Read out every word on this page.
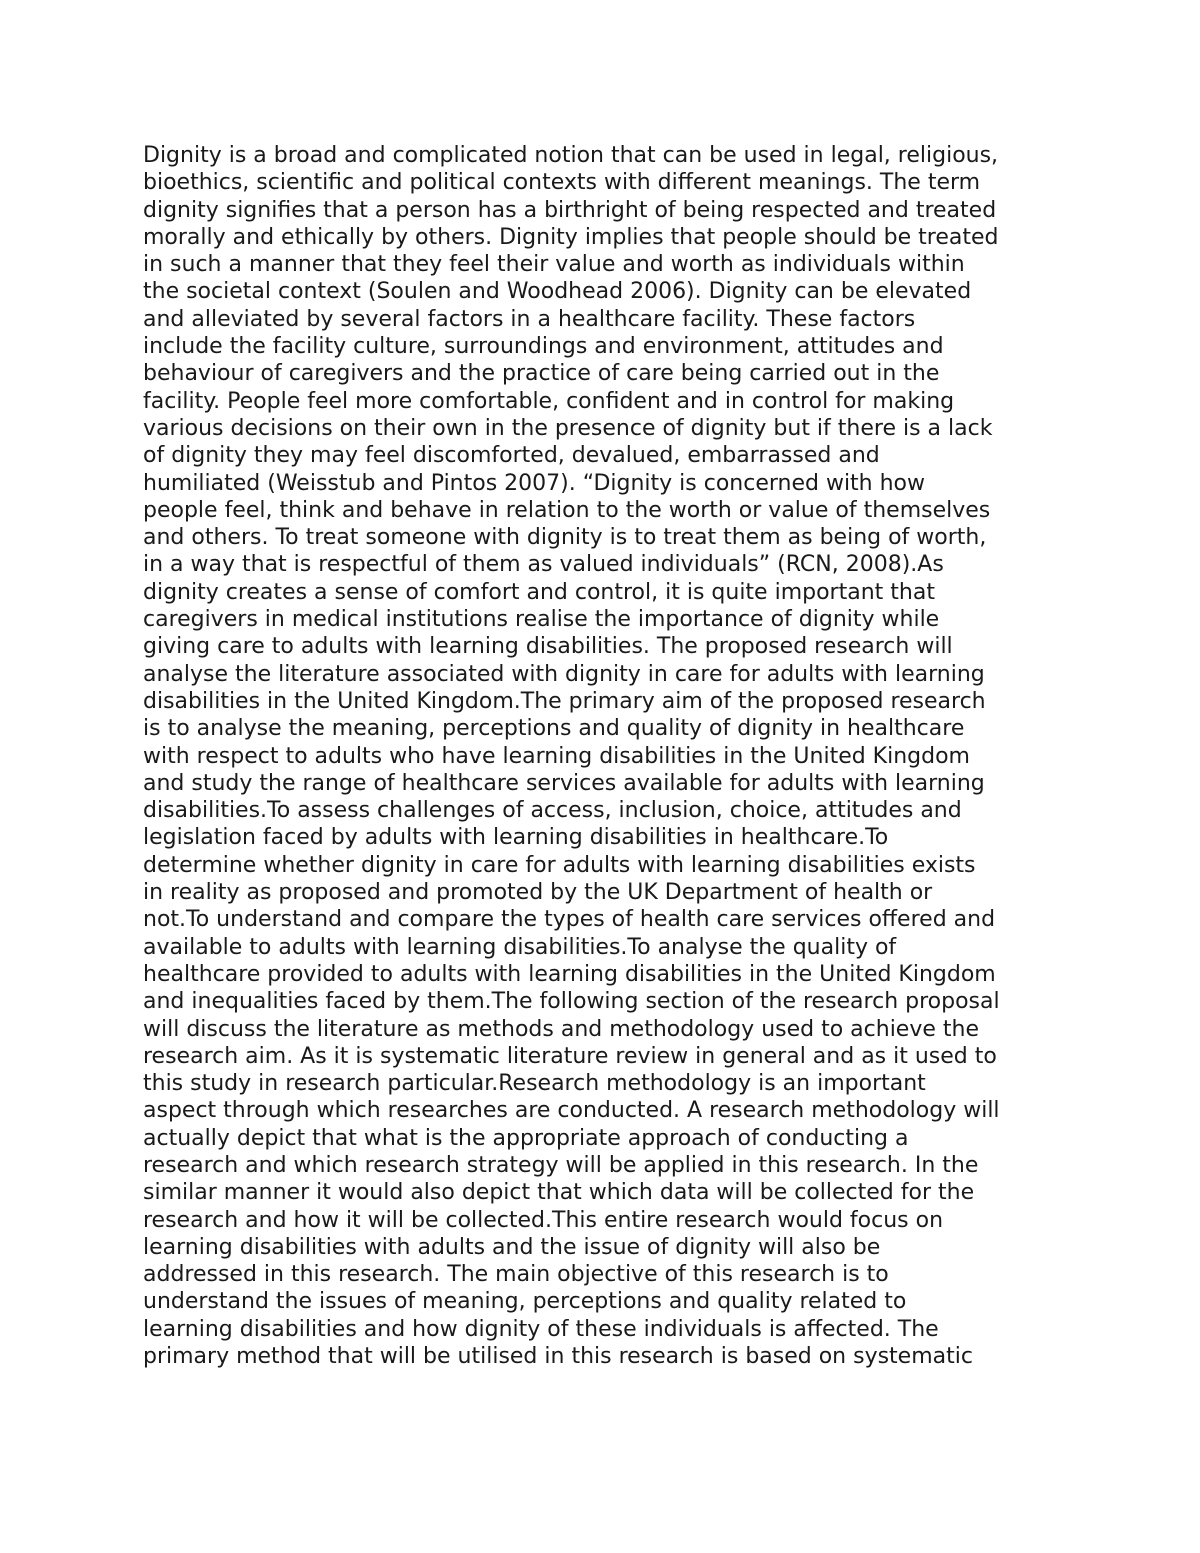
Dignity is a broad and complicated notion that can be used in legal, religious,
bioethics, scientific and political contexts with different meanings. The term
dignity signifies that a person has a birthright of being respected and treated
morally and ethically by others. Dignity implies that people should be treated
in such a manner that they feel their value and worth as individuals within
the societal context (Soulen and Woodhead 2006). Dignity can be elevated
and alleviated by several factors in a healthcare facility. These factors
include the facility culture, surroundings and environment, attitudes and
behaviour of caregivers and the practice of care being carried out in the
facility. People feel more comfortable, confident and in control for making
various decisions on their own in the presence of dignity but if there is a lack
of dignity they may feel discomforted, devalued, embarrassed and
humiliated (Weisstub and Pintos 2007). “Dignity is concerned with how
people feel, think and behave in relation to the worth or value of themselves
and others. To treat someone with dignity is to treat them as being of worth,
in a way that is respectful of them as valued individuals” (RCN, 2008).As
dignity creates a sense of comfort and control, it is quite important that
caregivers in medical institutions realise the importance of dignity while
giving care to adults with learning disabilities. The proposed research will
analyse the literature associated with dignity in care for adults with learning
disabilities in the United Kingdom.The primary aim of the proposed research
is to analyse the meaning, perceptions and quality of dignity in healthcare
with respect to adults who have learning disabilities in the United Kingdom
and study the range of healthcare services available for adults with learning
disabilities.To assess challenges of access, inclusion, choice, attitudes and
legislation faced by adults with learning disabilities in healthcare.To
determine whether dignity in care for adults with learning disabilities exists
in reality as proposed and promoted by the UK Department of health or
not.To understand and compare the types of health care services offered and
available to adults with learning disabilities.To analyse the quality of
healthcare provided to adults with learning disabilities in the United Kingdom
and inequalities faced by them.The following section of the research proposal
will discuss the literature as methods and methodology used to achieve the
research aim. As it is systematic literature review in general and as it used to
this study in research particular.Research methodology is an important
aspect through which researches are conducted. A research methodology will
actually depict that what is the appropriate approach of conducting a
research and which research strategy will be applied in this research. In the
similar manner it would also depict that which data will be collected for the
research and how it will be collected.This entire research would focus on
learning disabilities with adults and the issue of dignity will also be
addressed in this research. The main objective of this research is to
understand the issues of meaning, perceptions and quality related to
learning disabilities and how dignity of these individuals is affected. The
primary method that will be utilised in this research is based on systematic
